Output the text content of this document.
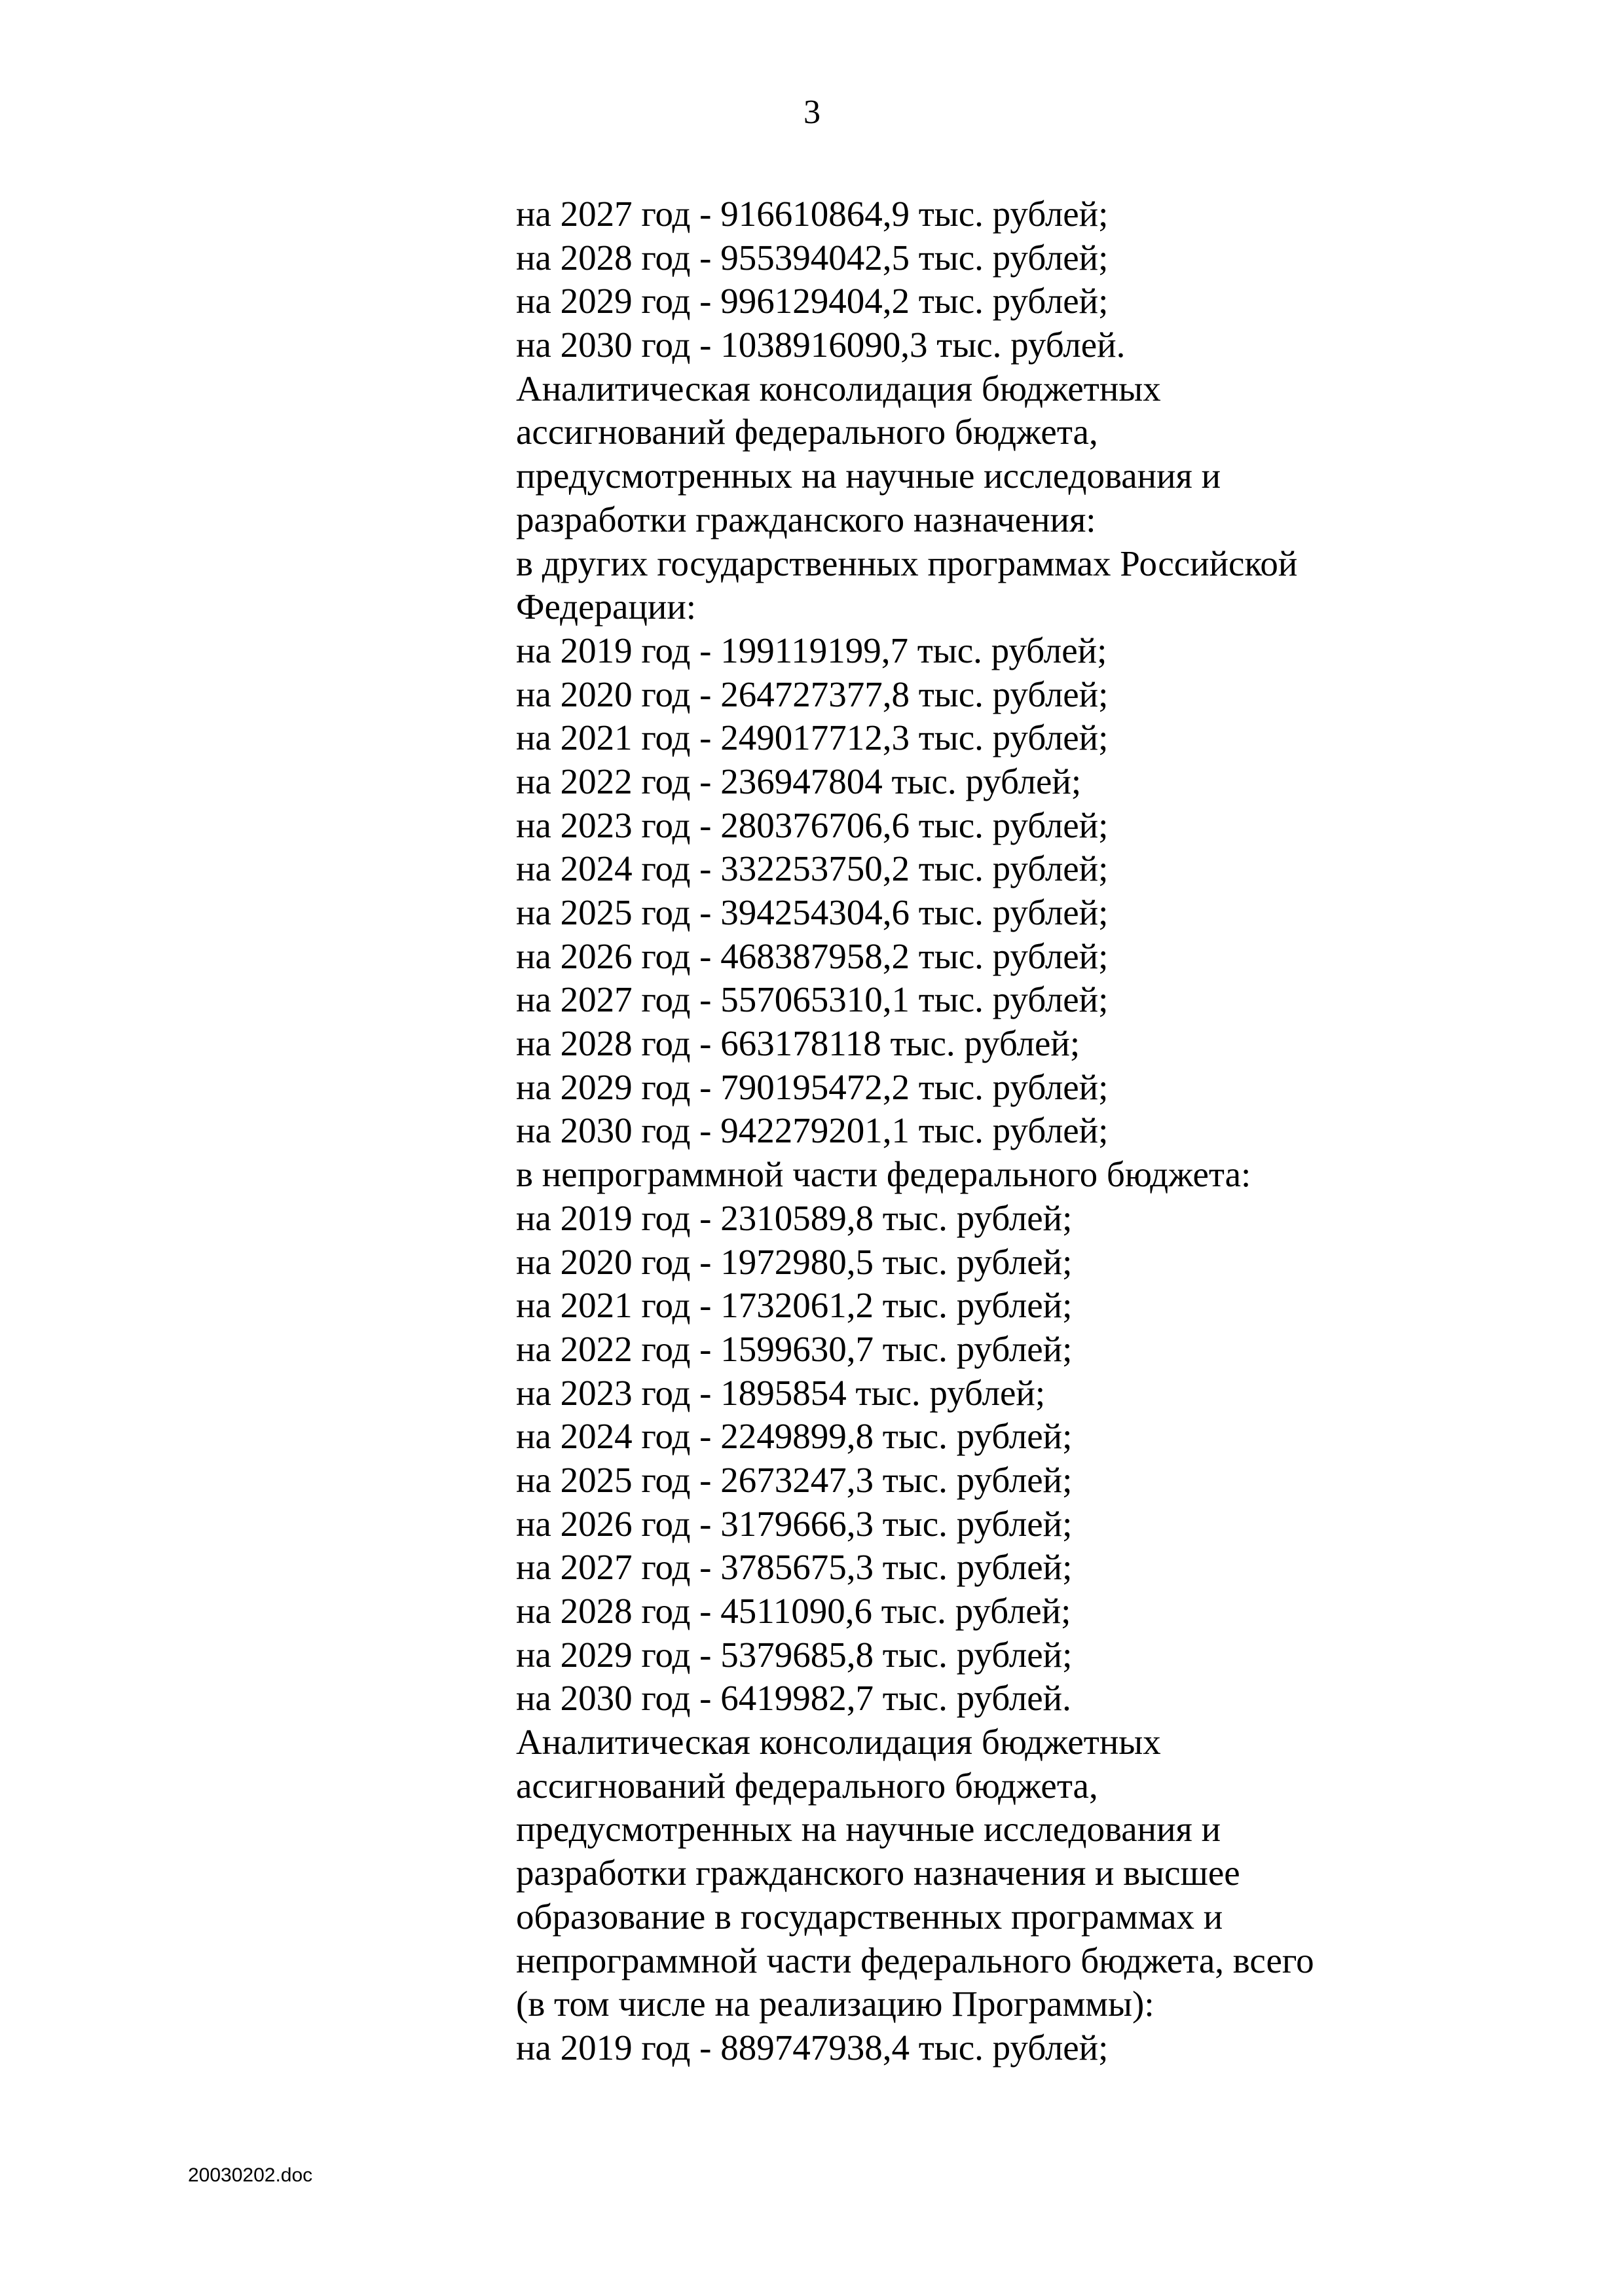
3
на 2027 год - 916610864,9 тыс. рублей;
на 2028 год - 955394042,5 тыс. рублей;
на 2029 год - 996129404,2 тыс. рублей;
на 2030 год - 1038916090,3 тыс. рублей.
Аналитическая консолидация бюджетных
ассигнований федерального бюджета,
предусмотренных на научные исследования и
разработки гражданского назначения:
в других государственных программах Российской
Федерации:
на 2019 год - 199119199,7 тыс. рублей;
на 2020 год - 264727377,8 тыс. рублей;
на 2021 год - 249017712,3 тыс. рублей;
на 2022 год - 236947804 тыс. рублей;
на 2023 год - 280376706,6 тыс. рублей;
на 2024 год - 332253750,2 тыс. рублей;
на 2025 год - 394254304,6 тыс. рублей;
на 2026 год - 468387958,2 тыс. рублей;
на 2027 год - 557065310,1 тыс. рублей;
на 2028 год - 663178118 тыс. рублей;
на 2029 год - 790195472,2 тыс. рублей;
на 2030 год - 942279201,1 тыс. рублей;
в непрограммной части федерального бюджета:
на 2019 год - 2310589,8 тыс. рублей;
на 2020 год - 1972980,5 тыс. рублей;
на 2021 год - 1732061,2 тыс. рублей;
на 2022 год - 1599630,7 тыс. рублей;
на 2023 год - 1895854 тыс. рублей;
на 2024 год - 2249899,8 тыс. рублей;
на 2025 год - 2673247,3 тыс. рублей;
на 2026 год - 3179666,3 тыс. рублей;
на 2027 год - 3785675,3 тыс. рублей;
на 2028 год - 4511090,6 тыс. рублей;
на 2029 год - 5379685,8 тыс. рублей;
на 2030 год - 6419982,7 тыс. рублей.
Аналитическая консолидация бюджетных
ассигнований федерального бюджета,
предусмотренных на научные исследования и
разработки гражданского назначения и высшее
образование в государственных программах и
непрограммной части федерального бюджета, всего
(в том числе на реализацию Программы):
на 2019 год - 889747938,4 тыс. рублей;
20030202.doc
